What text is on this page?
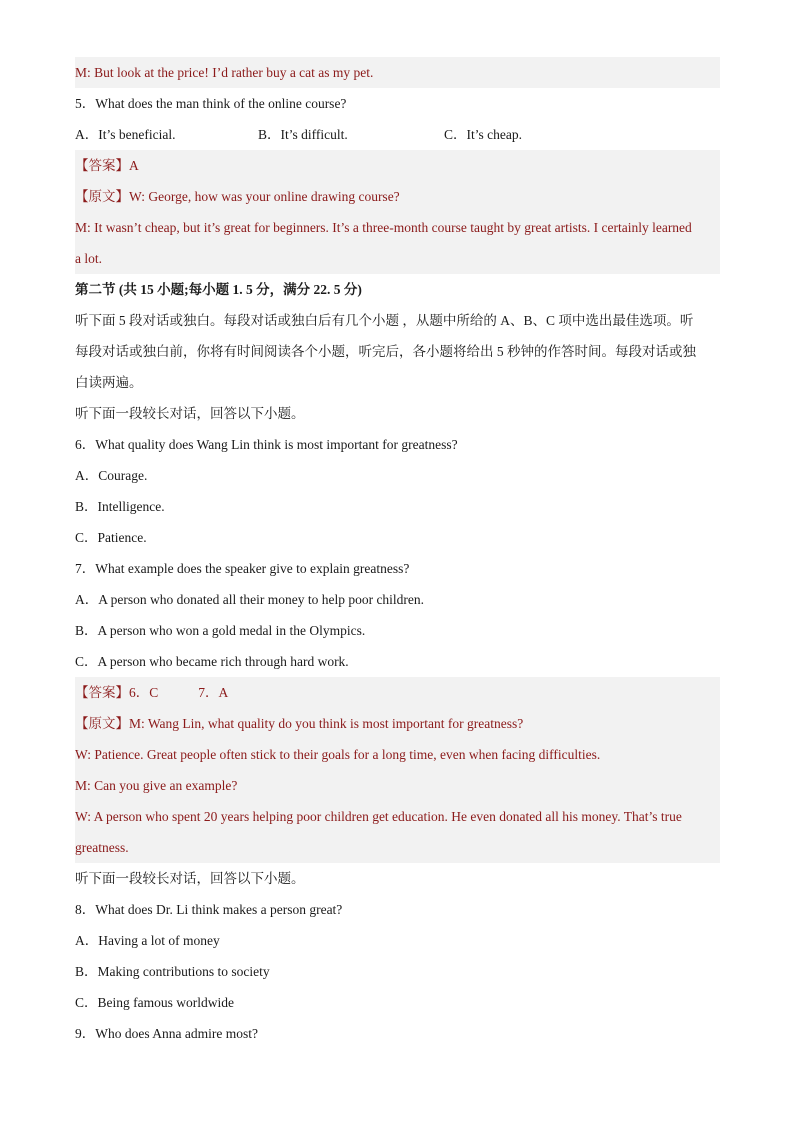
M: But look at the price! I’d rather buy a cat as my pet.
5．What does the man think of the online course?
A．It’s beneficial.	B．It’s difficult.	C．It’s cheap.
【答案】A
【原文】W: George, how was your online drawing course?
M: It wasn’t cheap, but it’s great for beginners. It’s a three-month course taught by great artists. I certainly learned
a lot.
第二节 (共 15 小题;每小题 1. 5 分，满分 22. 5 分)
听下面 5 段对话或独白。每段对话或独白后有几个小题 ，从题中所给的 A、B、C 项中选出最佳选项。听
每段对话或独白前，你将有时间阅读各个小题，听完后，各小题将给出 5 秒钟的作答时间。每段对话或独
白读两遍。
听下面一段较长对话，回答以下小题。
6．What quality does Wang Lin think is most important for greatness?
A．Courage.
B．Intelligence.
C．Patience.
7．What example does the speaker give to explain greatness?
A．A person who donated all their money to help poor children.
B．A person who won a gold medal in the Olympics.
C．A person who became rich through hard work.
【答案】6．C	7．A
【原文】M: Wang Lin, what quality do you think is most important for greatness?
W: Patience. Great people often stick to their goals for a long time, even when facing difficulties.
M: Can you give an example?
W: A person who spent 20 years helping poor children get education. He even donated all his money. That’s true
greatness.
听下面一段较长对话，回答以下小题。
8．What does Dr. Li think makes a person great?
A．Having a lot of money
B．Making contributions to society
C．Being famous worldwide
9．Who does Anna admire most?
